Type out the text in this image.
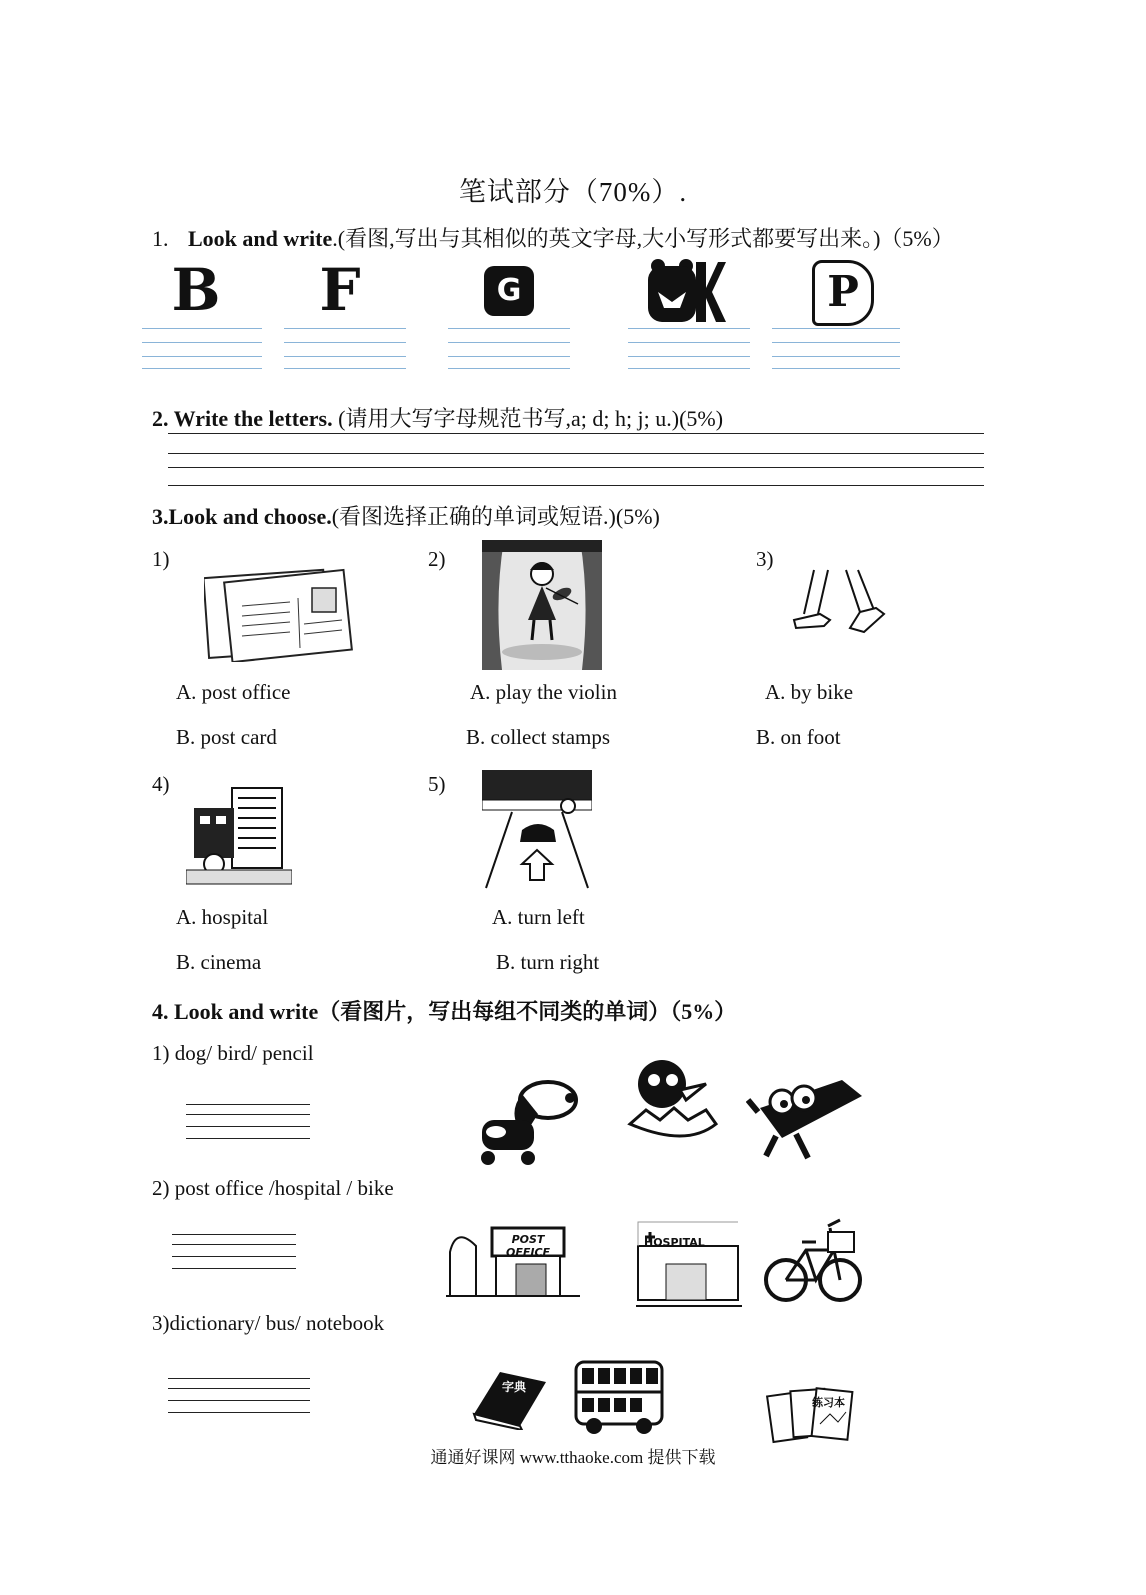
笔试部分（70%）.
1. Look and write.(看图,写出与其相似的英文字母,大小写形式都要写出来。)（5%）
B F	G	P
2. Write the letters. (请用大写字母规范书写,a; d; h; j; u.)(5%)
3.Look and choose.(看图选择正确的单词或短语.)(5%)
1)
A. post office
B. post card
2)
A. play the violin
B. collect stamps
3)
A. by bike
B. on foot
4)
A. hospital
B. cinema
5)
A. turn left
B. turn right
4. Look and write（看图片，写出每组不同类的单词）（5%）
1) dog/ bird/ pencil
2) post office /hospital / bike
POST OFFICE
HOSPITAL
3)dictionary/ bus/ notebook
字典
练习本
通通好课网 www.tthaoke.com 提供下载
